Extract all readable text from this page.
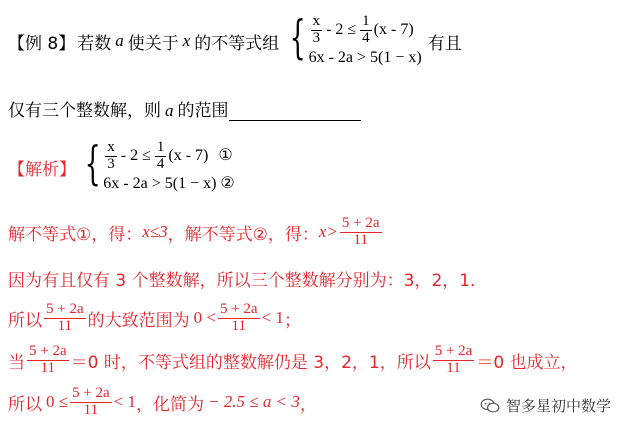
【例 8】 若数 a 使关于 x 的不等式组 { $\frac{x}{3} - 2 \le \frac{1}{4} (x - 7)$
6x - 2a > 5(1 − x)
有且
仅有三个整数解，则 a 的范围
【解析】 { $\frac{x}{3} - 2 \le \frac{1}{4} (x - 7)$ ①
6x - 2a > 5(1 − x) ②
解不等式①，得： x≤3 ，解不等式②，得： $x> \frac{5 + 2a}{11}$
因为有且仅有 3 个整数解，所以三个整数解分别为：3，2，1．
所以 $\frac{5 + 2a}{11}$ 的大致范围为 $0 < \frac{5 + 2a}{11} < 1$ ；
当 $\frac{5 + 2a}{11} =0$ 时，不等式组的整数解仍是 3，2，1，所以 $\frac{5 + 2a}{11} =0$ 也成立，
所以 $0 \le \frac{5 + 2a}{11} < 1$ ，化简为 − 2.5 ≤ a < 3 ，	智多星初中数学
